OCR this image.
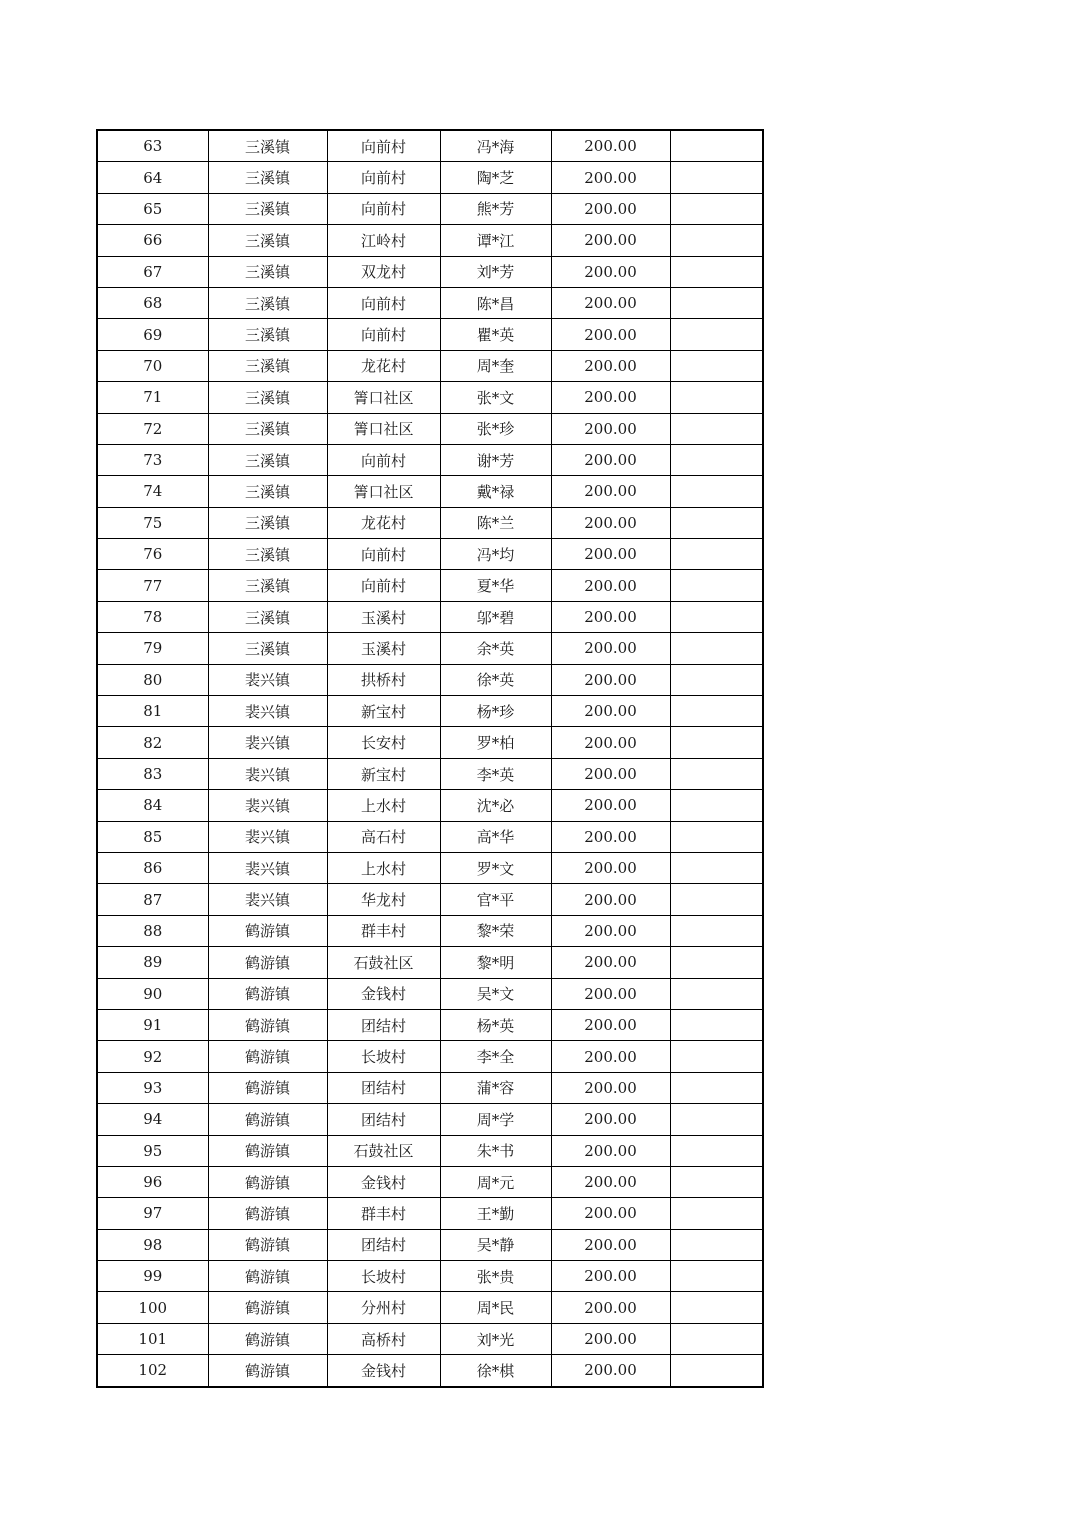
63	三溪镇	向前村	冯*海	200.00	
64	三溪镇	向前村	陶*芝	200.00	
65	三溪镇	向前村	熊*芳	200.00	
66	三溪镇	江岭村	谭*江	200.00	
67	三溪镇	双龙村	刘*芳	200.00	
68	三溪镇	向前村	陈*昌	200.00	
69	三溪镇	向前村	瞿*英	200.00	
70	三溪镇	龙花村	周*奎	200.00	
71	三溪镇	箐口社区	张*文	200.00	
72	三溪镇	箐口社区	张*珍	200.00	
73	三溪镇	向前村	谢*芳	200.00	
74	三溪镇	箐口社区	戴*禄	200.00	
75	三溪镇	龙花村	陈*兰	200.00	
76	三溪镇	向前村	冯*均	200.00	
77	三溪镇	向前村	夏*华	200.00	
78	三溪镇	玉溪村	邬*碧	200.00	
79	三溪镇	玉溪村	余*英	200.00	
80	裴兴镇	拱桥村	徐*英	200.00	
81	裴兴镇	新宝村	杨*珍	200.00	
82	裴兴镇	长安村	罗*柏	200.00	
83	裴兴镇	新宝村	李*英	200.00	
84	裴兴镇	上水村	沈*必	200.00	
85	裴兴镇	高石村	高*华	200.00	
86	裴兴镇	上水村	罗*文	200.00	
87	裴兴镇	华龙村	官*平	200.00	
88	鹤游镇	群丰村	黎*荣	200.00	
89	鹤游镇	石鼓社区	黎*明	200.00	
90	鹤游镇	金钱村	吴*文	200.00	
91	鹤游镇	团结村	杨*英	200.00	
92	鹤游镇	长坡村	李*全	200.00	
93	鹤游镇	团结村	蒲*容	200.00	
94	鹤游镇	团结村	周*学	200.00	
95	鹤游镇	石鼓社区	朱*书	200.00	
96	鹤游镇	金钱村	周*元	200.00	
97	鹤游镇	群丰村	王*勤	200.00	
98	鹤游镇	团结村	吴*静	200.00	
99	鹤游镇	长坡村	张*贵	200.00	
100	鹤游镇	分州村	周*民	200.00	
101	鹤游镇	高桥村	刘*光	200.00	
102	鹤游镇	金钱村	徐*棋	200.00	
